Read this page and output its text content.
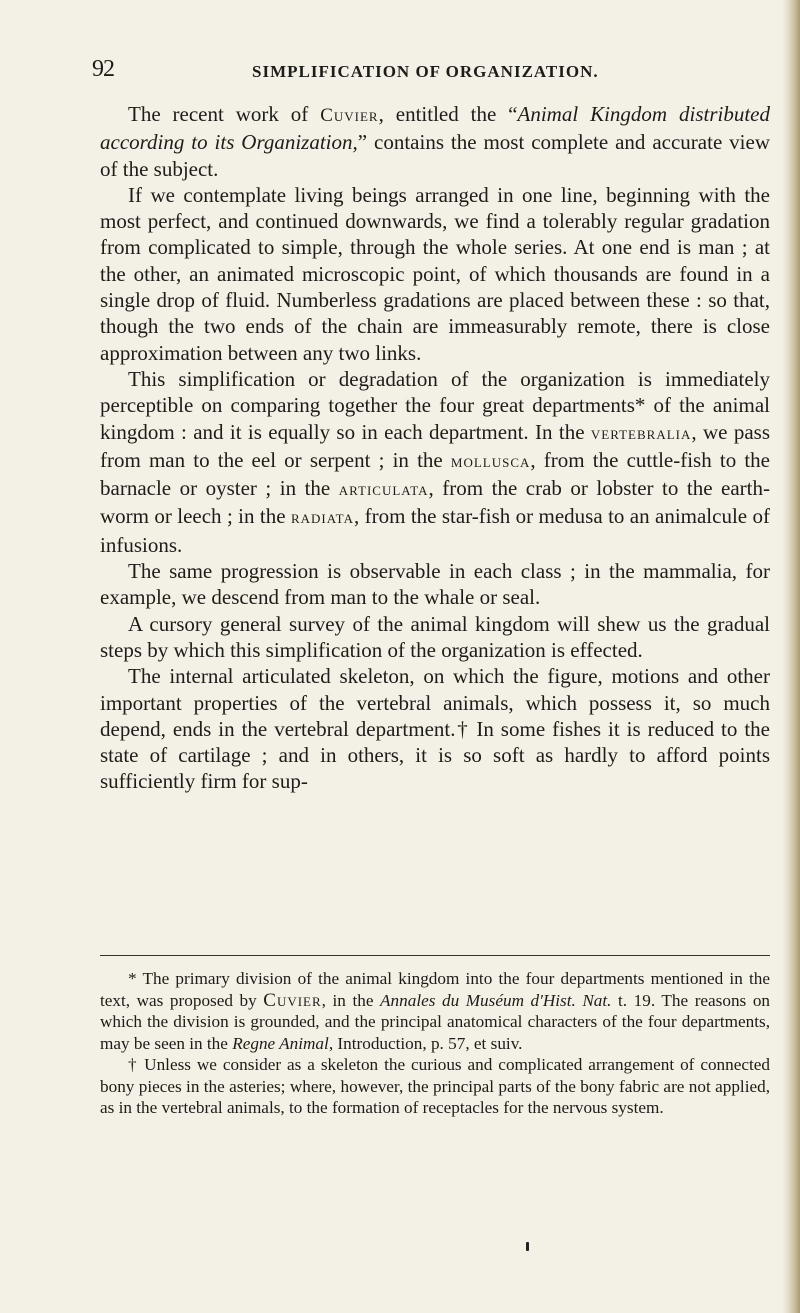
92	SIMPLIFICATION OF ORGANIZATION.

The recent work of Cuvier, entitled the “Animal Kingdom distributed according to its Organization,” contains the most complete and accurate view of the subject.

If we contemplate living beings arranged in one line, beginning with the most perfect, and continued downwards, we find a tolerably regular gradation from complicated to simple, through the whole series. At one end is man ; at the other, an animated microscopic point, of which thousands are found in a single drop of fluid. Numberless gradations are placed between these : so that, though the two ends of the chain are immeasurably remote, there is close approximation between any two links.

This simplification or degradation of the organization is immediately perceptible on comparing together the four great departments* of the animal kingdom : and it is equally so in each department. In the vertebralia, we pass from man to the eel or serpent ; in the mollusca, from the cuttle-fish to the barnacle or oyster ; in the articulata, from the crab or lobster to the earth-worm or leech ; in the radiata, from the star-fish or medusa to an animalcule of infusions.

The same progression is observable in each class ; in the mammalia, for example, we descend from man to the whale or seal.

A cursory general survey of the animal kingdom will shew us the gradual steps by which this simplification of the organization is effected.

The internal articulated skeleton, on which the figure, motions and other important properties of the vertebral animals, which possess it, so much depend, ends in the vertebral department.† In some fishes it is reduced to the state of cartilage ; and in others, it is so soft as hardly to afford points sufficiently firm for sup-

* The primary division of the animal kingdom into the four departments mentioned in the text, was proposed by Cuvier, in the Annales du Muséum d'Hist. Nat. t. 19. The reasons on which the division is grounded, and the principal anatomical characters of the four departments, may be seen in the Regne Animal, Introduction, p. 57, et suiv.

† Unless we consider as a skeleton the curious and complicated arrangement of connected bony pieces in the asteries; where, however, the principal parts of the bony fabric are not applied, as in the vertebral animals, to the formation of receptacles for the nervous system.
